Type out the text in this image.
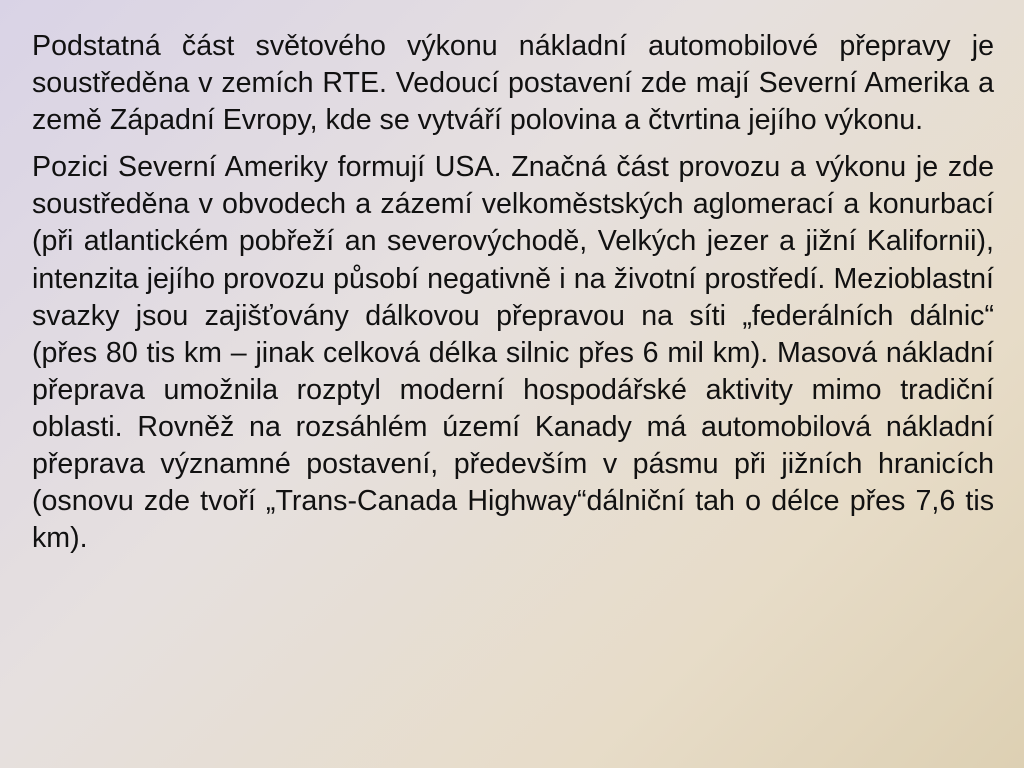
Podstatná část světového výkonu nákladní automobilové přepravy je soustředěna v zemích RTE. Vedoucí postavení zde mají Severní Amerika a země Západní Evropy, kde se vytváří polovina a čtvrtina jejího výkonu.

Pozici Severní Ameriky formují USA. Značná část provozu a výkonu je zde soustředěna v obvodech a zázemí velkoměstských aglomerací a konurbací (při atlantickém pobřeží an severovýchodě, Velkých jezer a jižní Kalifornii), intenzita jejího provozu působí negativně i na životní prostředí. Mezioblastní svazky jsou zajišťovány dálkovou přepravou na síti „federálních dálnic“ (přes 80 tis km – jinak celková délka silnic přes 6 mil km). Masová nákladní přeprava umožnila rozptyl moderní hospodářské aktivity mimo tradiční oblasti. Rovněž na rozsáhlém území Kanady má automobilová nákladní přeprava významné postavení, především v pásmu při jižních hranicích (osnovu zde tvoří „Trans-Canada Highway“dálniční tah o délce přes 7,6 tis km).
